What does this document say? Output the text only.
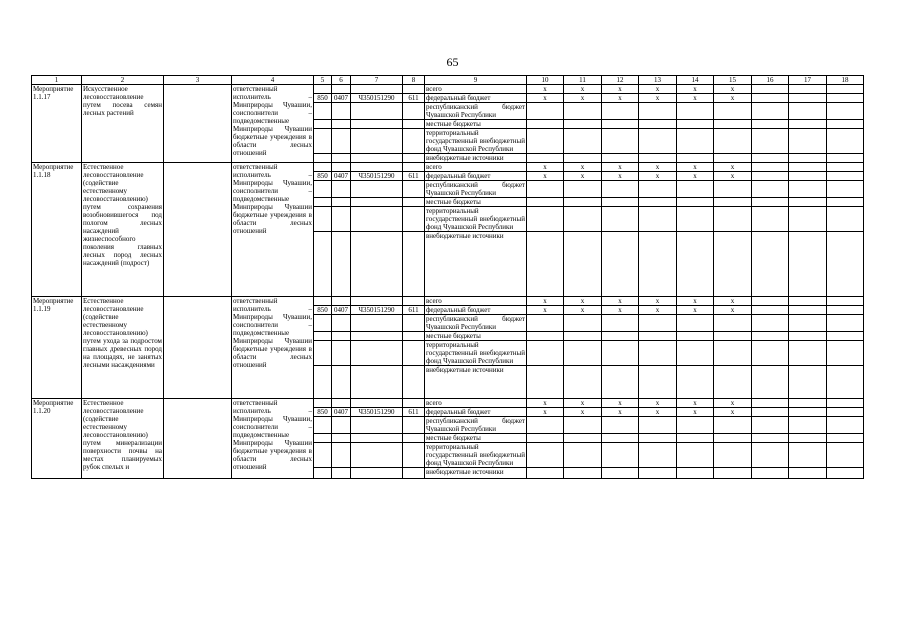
65
1	2	3	4	5	6	7	8	9	10	11	12	13	14	15	16	17	18
Мероприятие 1.1.17	Искусственное лесовосстановление путем посева семян лесных растений		ответственный исполнитель – Минприроды Чувашии, соисполнители – подведомственные Минприроды Чувашии бюджетные учреждения в области лесных отношений					всего	x	x	x	x	x	x			
				850	0407	Ч350151290	611	федеральный бюджет	x	x	x	x	x	x			
								республиканский бюджет Чувашской Республики									
								местные бюджеты									
								территориальный государственный внебюджетный фонд Чувашской Республики									
								внебюджетные источники									
Мероприятие 1.1.18	Естественное лесовосстановление (содействие естественному лесовосстановлению) путем сохранения возобновившегося под пологом лесных насаждений жизнеспособного поколения главных лесных пород лесных насаждений (подрост)		ответственный исполнитель – Минприроды Чувашии, соисполнители – подведомственные Минприроды Чувашии бюджетные учреждения в области лесных отношений					всего	x	x	x	x	x	x			
				850	0407	Ч350151290	611	федеральный бюджет	x	x	x	x	x	x			
								республиканский бюджет Чувашской Республики									
								местные бюджеты									
								территориальный государственный внебюджетный фонд Чувашской Республики									
								внебюджетные источники									
Мероприятие 1.1.19	Естественное лесовосстановление (содействие естественному лесовосстановлению) путем ухода за подростом главных древесных пород на площадях, не занятых лесными насаждениями		ответственный исполнитель – Минприроды Чувашии, соисполнители – подведомственные Минприроды Чувашии бюджетные учреждения в области лесных отношений					всего	x	x	x	x	x	x			
				850	0407	Ч350151290	611	федеральный бюджет	x	x	x	x	x	x			
								республиканский бюджет Чувашской Республики									
								местные бюджеты									
								территориальный государственный внебюджетный фонд Чувашской Республики									
								внебюджетные источники									
Мероприятие 1.1.20	Естественное лесовосстановление (содействие естественному лесовосстановлению) путем минерализации поверхности почвы на местах планируемых рубок спелых и		ответственный исполнитель – Минприроды Чувашии, соисполнители – подведомственные Минприроды Чувашии бюджетные учреждения в области лесных отношений					всего	x	x	x	x	x	x			
				850	0407	Ч350151290	611	федеральный бюджет	x	x	x	x	x	x			
								республиканский бюджет Чувашской Республики									
								местные бюджеты									
								территориальный государственный внебюджетный фонд Чувашской Республики									
								внебюджетные источники									
